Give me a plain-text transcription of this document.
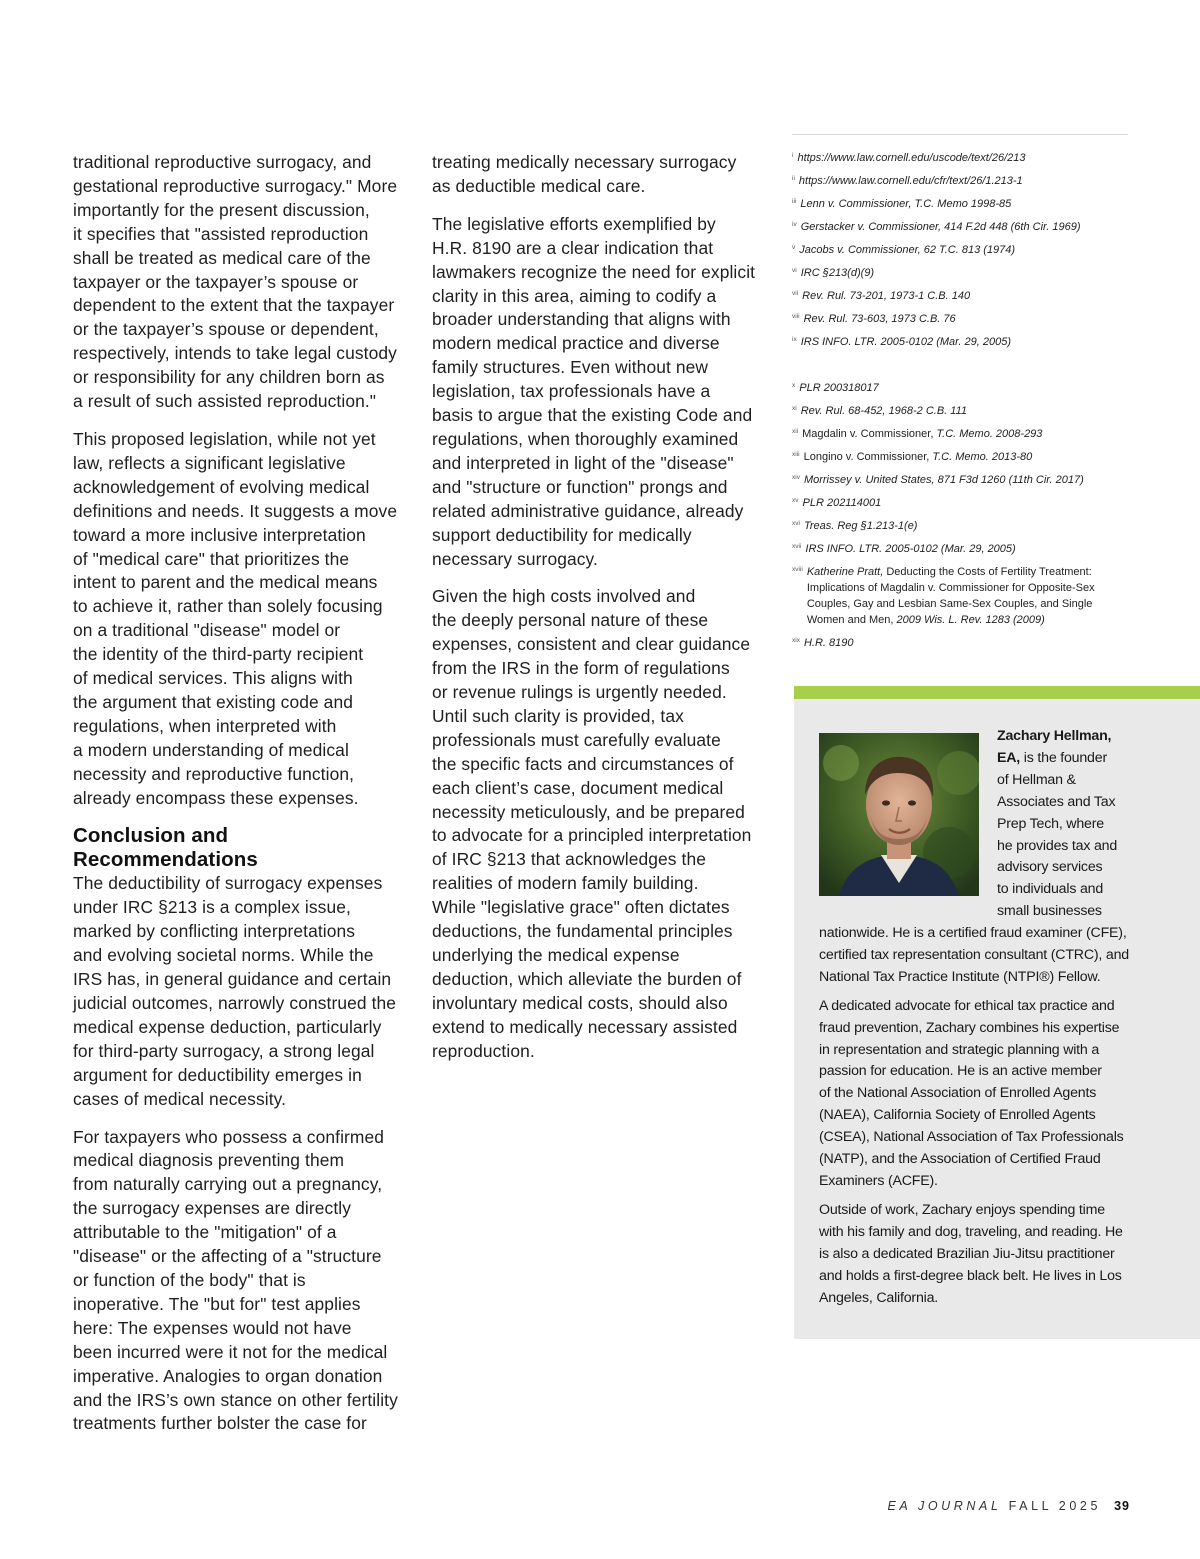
traditional reproductive surrogacy, and
gestational reproductive surrogacy." More
importantly for the present discussion,
it specifies that "assisted reproduction
shall be treated as medical care of the
taxpayer or the taxpayer’s spouse or
dependent to the extent that the taxpayer
or the taxpayer’s spouse or dependent,
respectively, intends to take legal custody
or responsibility for any children born as
a result of such assisted reproduction."

This proposed legislation, while not yet
law, reflects a significant legislative
acknowledgement of evolving medical
definitions and needs. It suggests a move
toward a more inclusive interpretation
of "medical care" that prioritizes the
intent to parent and the medical means
to achieve it, rather than solely focusing
on a traditional "disease" model or
the identity of the third-party recipient
of medical services. This aligns with
the argument that existing code and
regulations, when interpreted with
a modern understanding of medical
necessity and reproductive function,
already encompass these expenses.

Conclusion and
Recommendations

The deductibility of surrogacy expenses
under IRC §213 is a complex issue,
marked by conflicting interpretations
and evolving societal norms. While the
IRS has, in general guidance and certain
judicial outcomes, narrowly construed the
medical expense deduction, particularly
for third-party surrogacy, a strong legal
argument for deductibility emerges in
cases of medical necessity.

For taxpayers who possess a confirmed
medical diagnosis preventing them
from naturally carrying out a pregnancy,
the surrogacy expenses are directly
attributable to the "mitigation" of a
"disease" or the affecting of a "structure
or function of the body" that is
inoperative. The "but for" test applies
here: The expenses would not have
been incurred were it not for the medical
imperative. Analogies to organ donation
and the IRS’s own stance on other fertility
treatments further bolster the case for

treating medically necessary surrogacy
as deductible medical care.

The legislative efforts exemplified by
H.R. 8190 are a clear indication that
lawmakers recognize the need for explicit
clarity in this area, aiming to codify a
broader understanding that aligns with
modern medical practice and diverse
family structures. Even without new
legislation, tax professionals have a
basis to argue that the existing Code and
regulations, when thoroughly examined
and interpreted in light of the "disease"
and "structure or function" prongs and
related administrative guidance, already
support deductibility for medically
necessary surrogacy.

Given the high costs involved and
the deeply personal nature of these
expenses, consistent and clear guidance
from the IRS in the form of regulations
or revenue rulings is urgently needed.
Until such clarity is provided, tax
professionals must carefully evaluate
the specific facts and circumstances of
each client’s case, document medical
necessity meticulously, and be prepared
to advocate for a principled interpretation
of IRC §213 that acknowledges the
realities of modern family building.
While "legislative grace" often dictates
deductions, the fundamental principles
underlying the medical expense
deduction, which alleviate the burden of
involuntary medical costs, should also
extend to medically necessary assisted
reproduction.

$^i$ https://www.law.cornell.edu/uscode/text/26/213
$^{ii}$ https://www.law.cornell.edu/cfr/text/26/1.213-1
$^{iii}$ Lenn v. Commissioner, T.C. Memo 1998-85
$^{iv}$ Gerstacker v. Commissioner, 414 F.2d 448 (6th Cir. 1969)
$^v$ Jacobs v. Commissioner, 62 T.C. 813 (1974)
$^{vi}$ IRC §213(d)(9)
$^{vii}$ Rev. Rul. 73-201, 1973-1 C.B. 140
$^{viii}$ Rev. Rul. 73-603, 1973 C.B. 76
$^{ix}$ IRS INFO. LTR. 2005-0102 (Mar. 29, 2005)
$^x$ PLR 200318017
$^{xi}$ Rev. Rul. 68-452, 1968-2 C.B. 111
$^{xii}$ Magdalin v. Commissioner, T.C. Memo. 2008-293
$^{xiii}$ Longino v. Commissioner, T.C. Memo. 2013-80
$^{xiv}$ Morrissey v. United States, 871 F3d 1260 (11th Cir. 2017)
$^{xv}$ PLR 202114001
$^{xvi}$ Treas. Reg §1.213-1(e)
$^{xvii}$ IRS INFO. LTR. 2005-0102 (Mar. 29, 2005)
$^{xviii}$ Katherine Pratt, Deducting the Costs of Fertility Treatment:
Implications of Magdalin v. Commissioner for Opposite-Sex
Couples, Gay and Lesbian Same-Sex Couples, and Single
Women and Men, 2009 Wis. L. Rev. 1283 (2009)
$^{xix}$ H.R. 8190
EA JOURNAL FALL 2025 39
Zachary Hellman,
EA, is the founder
of Hellman &
Associates and Tax
Prep Tech, where
he provides tax and
advisory services
to individuals and
small businesses

nationwide. He is a certified fraud examiner (CFE),
certified tax representation consultant (CTRC), and
National Tax Practice Institute (NTPI®) Fellow.

A dedicated advocate for ethical tax practice and
fraud prevention, Zachary combines his expertise
in representation and strategic planning with a
passion for education. He is an active member
of the National Association of Enrolled Agents
(NAEA), California Society of Enrolled Agents
(CSEA), National Association of Tax Professionals
(NATP), and the Association of Certified Fraud
Examiners (ACFE).

Outside of work, Zachary enjoys spending time
with his family and dog, traveling, and reading. He
is also a dedicated Brazilian Jiu-Jitsu practitioner
and holds a first-degree black belt. He lives in Los
Angeles, California.
